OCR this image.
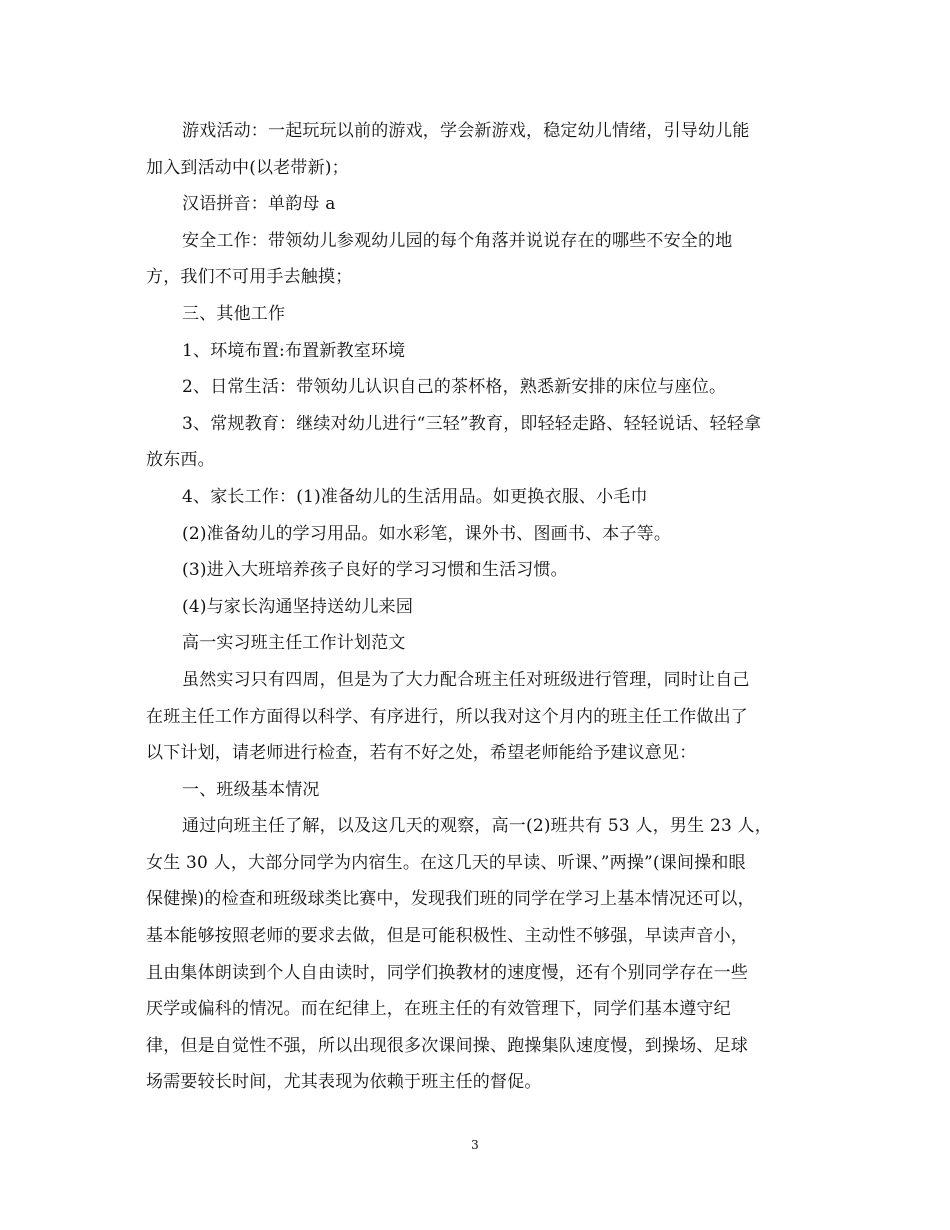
游戏活动：一起玩玩以前的游戏，学会新游戏，稳定幼儿情绪，引导幼儿能
加入到活动中(以老带新)；
汉语拼音：单韵母 a
安全工作：带领幼儿参观幼儿园的每个角落并说说存在的哪些不安全的地
方，我们不可用手去触摸；
三、其他工作
1、环境布置:布置新教室环境
2、日常生活：带领幼儿认识自己的茶杯格，熟悉新安排的床位与座位。
3、常规教育：继续对幼儿进行“三轻”教育，即轻轻走路、轻轻说话、轻轻拿
放东西。
4、家长工作：(1)准备幼儿的生活用品。如更换衣服、小毛巾
(2)准备幼儿的学习用品。如水彩笔，课外书、图画书、本子等。
(3)进入大班培养孩子良好的学习习惯和生活习惯。
(4)与家长沟通坚持送幼儿来园
高一实习班主任工作计划范文
虽然实习只有四周，但是为了大力配合班主任对班级进行管理，同时让自己
在班主任工作方面得以科学、有序进行，所以我对这个月内的班主任工作做出了
以下计划，请老师进行检查，若有不好之处，希望老师能给予建议意见：
一、班级基本情况
通过向班主任了解，以及这几天的观察，高一(2)班共有 53 人，男生 23 人，
女生 30 人，大部分同学为内宿生。在这几天的早读、听课、”两操”(课间操和眼
保健操)的检查和班级球类比赛中，发现我们班的同学在学习上基本情况还可以，
基本能够按照老师的要求去做，但是可能积极性、主动性不够强，早读声音小，
且由集体朗读到个人自由读时，同学们换教材的速度慢，还有个别同学存在一些
厌学或偏科的情况。而在纪律上，在班主任的有效管理下，同学们基本遵守纪
律，但是自觉性不强，所以出现很多次课间操、跑操集队速度慢，到操场、足球
场需要较长时间，尤其表现为依赖于班主任的督促。
3
